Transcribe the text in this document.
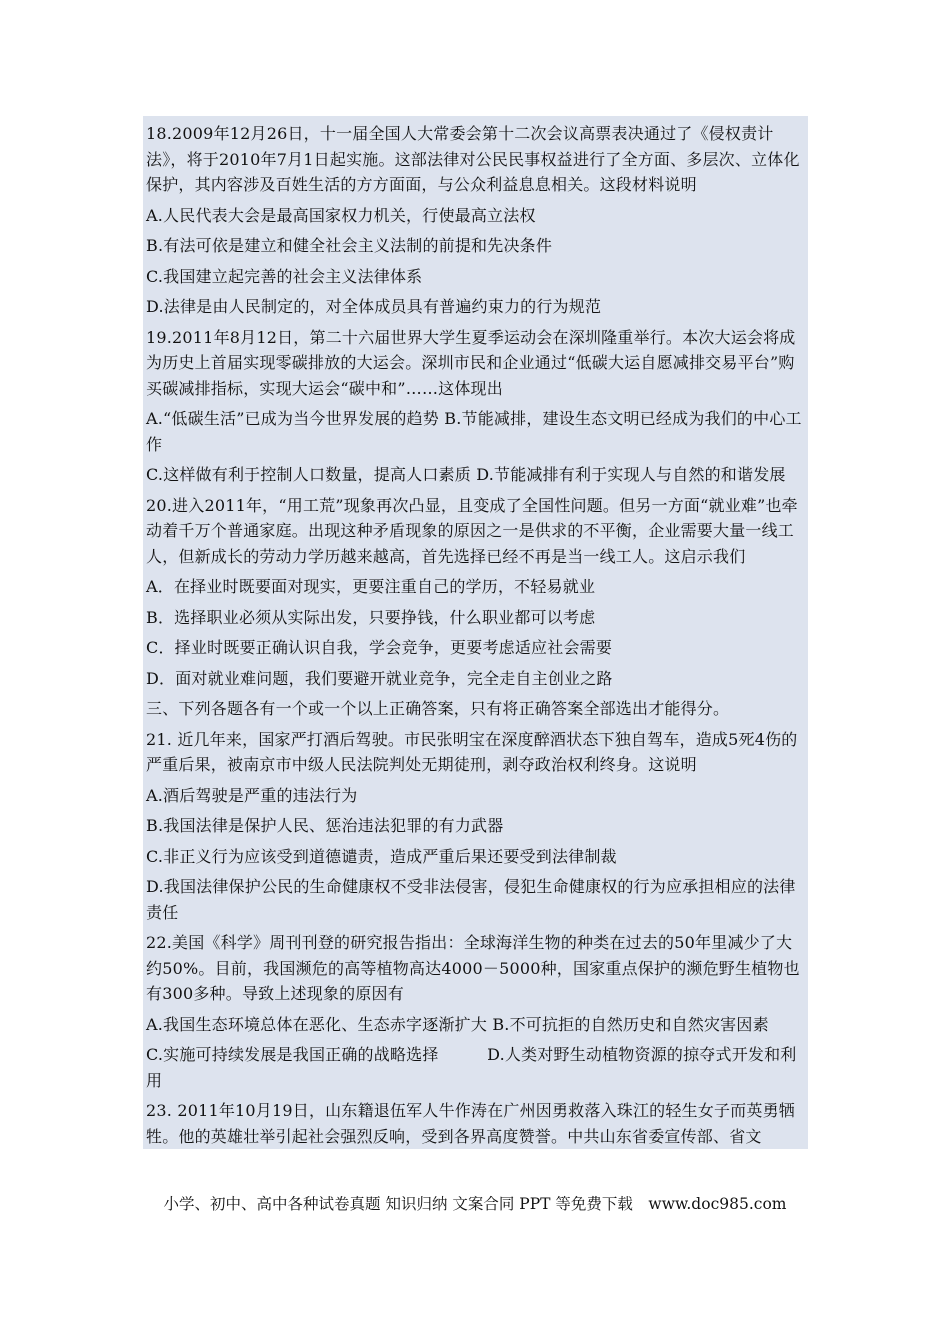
18.2009年12月26日，十一届全国人大常委会第十二次会议高票表决通过了《侵权责计法》，将于2010年7月1日起实施。这部法律对公民民事权益进行了全方面、多层次、立体化保护，其内容涉及百姓生活的方方面面，与公众利益息息相关。这段材料说明

A.人民代表大会是最高国家权力机关，行使最高立法权

B.有法可依是建立和健全社会主义法制的前提和先决条件

C.我国建立起完善的社会主义法律体系

D.法律是由人民制定的，对全体成员具有普遍约束力的行为规范

19.2011年8月12日，第二十六届世界大学生夏季运动会在深圳隆重举行。本次大运会将成为历史上首届实现零碳排放的大运会。深圳市民和企业通过“低碳大运自愿减排交易平台”购买碳减排指标，实现大运会“碳中和”……这体现出

A.“低碳生活”已成为当今世界发展的趋势 B.节能减排，建设生态文明已经成为我们的中心工作

C.这样做有利于控制人口数量，提高人口素质 D.节能减排有利于实现人与自然的和谐发展

20.进入2011年，“用工荒”现象再次凸显，且变成了全国性问题。但另一方面“就业难”也牵动着千万个普通家庭。出现这种矛盾现象的原因之一是供求的不平衡，企业需要大量一线工人，但新成长的劳动力学历越来越高，首先选择已经不再是当一线工人。这启示我们

A．在择业时既要面对现实，更要注重自己的学历，不轻易就业

B．选择职业必须从实际出发，只要挣钱，什么职业都可以考虑

C．择业时既要正确认识自我，学会竞争，更要考虑适应社会需要

D．面对就业难问题，我们要避开就业竞争，完全走自主创业之路

三、下列各题各有一个或一个以上正确答案，只有将正确答案全部选出才能得分。

21. 近几年来，国家严打酒后驾驶。市民张明宝在深度醉酒状态下独自驾车，造成5死4伤的严重后果，被南京市中级人民法院判处无期徒刑，剥夺政治权利终身。这说明

A.酒后驾驶是严重的违法行为

B.我国法律是保护人民、惩治违法犯罪的有力武器

C.非正义行为应该受到道德谴责，造成严重后果还要受到法律制裁

D.我国法律保护公民的生命健康权不受非法侵害，侵犯生命健康权的行为应承担相应的法律责任

22.美国《科学》周刊刊登的研究报告指出：全球海洋生物的种类在过去的50年里减少了大约50%。目前，我国濒危的高等植物高达4000－5000种，国家重点保护的濒危野生植物也有300多种。导致上述现象的原因有

A.我国生态环境总体在恶化、生态赤字逐渐扩大 B.不可抗拒的自然历史和自然灾害因素

C.实施可持续发展是我国正确的战略选择　　　D.人类对野生动植物资源的掠夺式开发和利用

23. 2011年10月19日，山东籍退伍军人牛作涛在广州因勇救落入珠江的轻生女子而英勇牺牲。他的英雄壮举引起社会强烈反响，受到各界高度赞誉。中共山东省委宣传部、省文

小学、初中、高中各种试卷真题 知识归纳 文案合同 PPT 等免费下载　www.doc985.com
